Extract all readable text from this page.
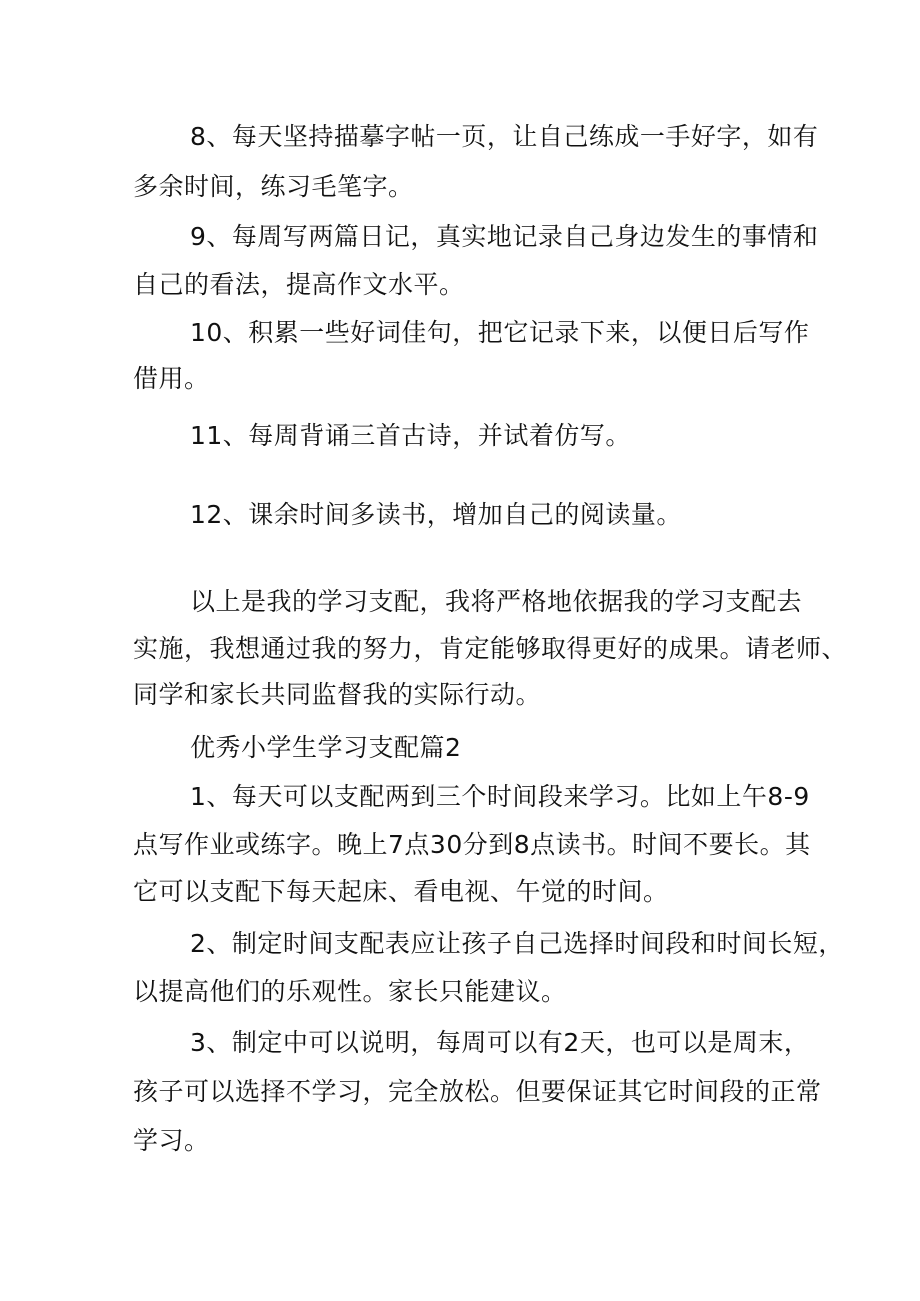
8、每天坚持描摹字帖一页，让自己练成一手好字，如有
多余时间，练习毛笔字。
9、每周写两篇日记，真实地记录自己身边发生的事情和
自己的看法，提高作文水平。
10、积累一些好词佳句，把它记录下来，以便日后写作
借用。
11、每周背诵三首古诗，并试着仿写。
12、课余时间多读书，增加自己的阅读量。
以上是我的学习支配，我将严格地依据我的学习支配去
实施，我想通过我的努力，肯定能够取得更好的成果。请老师、
同学和家长共同监督我的实际行动。
优秀小学生学习支配篇2
1、每天可以支配两到三个时间段来学习。比如上午8-9
点写作业或练字。晚上7点30分到8点读书。时间不要长。其
它可以支配下每天起床、看电视、午觉的时间。
2、制定时间支配表应让孩子自己选择时间段和时间长短，
以提高他们的乐观性。家长只能建议。
3、制定中可以说明，每周可以有2天，也可以是周末，
孩子可以选择不学习，完全放松。但要保证其它时间段的正常
学习。
